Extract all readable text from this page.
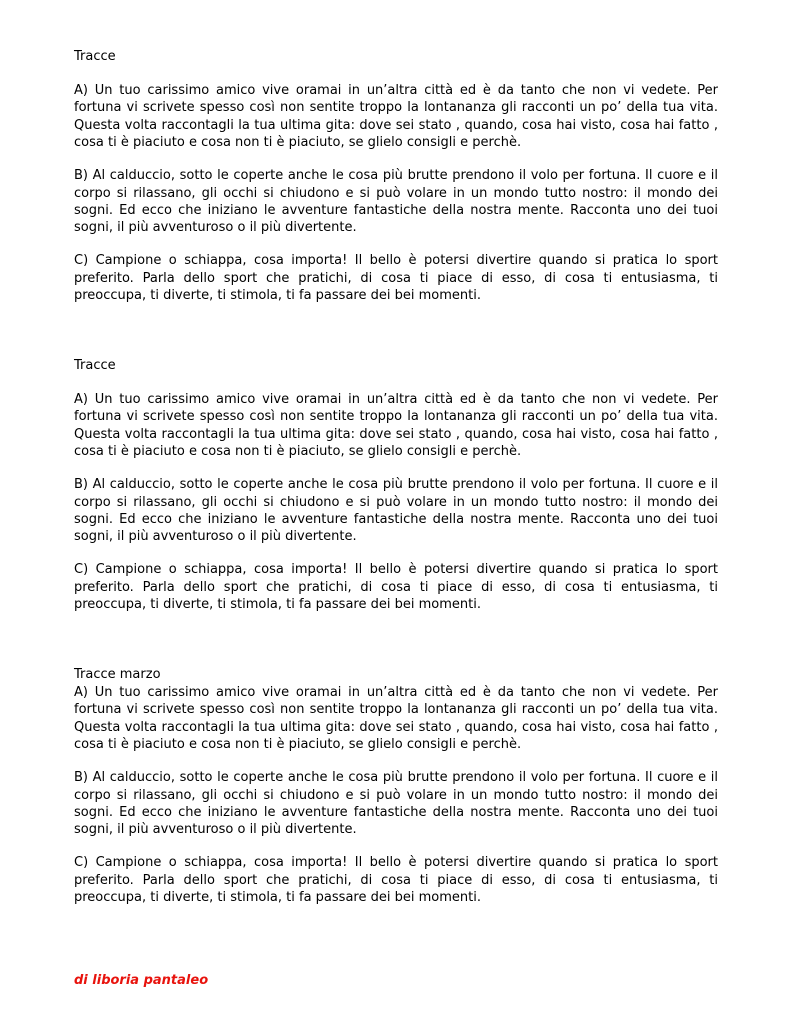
Tracce

A) Un tuo carissimo amico vive oramai in un’altra città ed è da tanto che non vi vedete. Per fortuna vi scrivete spesso così non sentite troppo la lontananza gli racconti un po’ della tua vita. Questa volta raccontagli la tua ultima gita: dove sei stato , quando, cosa hai visto, cosa hai fatto , cosa ti è piaciuto e cosa non ti è piaciuto, se glielo consigli e perchè.

B) Al calduccio, sotto le coperte anche le cosa più brutte prendono il volo per fortuna. Il cuore e il corpo si rilassano, gli occhi si chiudono e si può volare in un mondo tutto nostro: il mondo dei sogni. Ed ecco che iniziano le avventure fantastiche della nostra mente. Racconta uno dei tuoi sogni, il più avventuroso o il più divertente.

C) Campione o schiappa, cosa importa! Il bello è potersi divertire quando si pratica lo sport preferito. Parla dello sport che pratichi, di cosa ti piace di esso, di cosa ti entusiasma, ti preoccupa, ti diverte, ti stimola, ti fa passare dei bei momenti.

Tracce

A) Un tuo carissimo amico vive oramai in un’altra città ed è da tanto che non vi vedete. Per fortuna vi scrivete spesso così non sentite troppo la lontananza gli racconti un po’ della tua vita. Questa volta raccontagli la tua ultima gita: dove sei stato , quando, cosa hai visto, cosa hai fatto , cosa ti è piaciuto e cosa non ti è piaciuto, se glielo consigli e perchè.

B) Al calduccio, sotto le coperte anche le cosa più brutte prendono il volo per fortuna. Il cuore e il corpo si rilassano, gli occhi si chiudono e si può volare in un mondo tutto nostro: il mondo dei sogni. Ed ecco che iniziano le avventure fantastiche della nostra mente. Racconta uno dei tuoi sogni, il più avventuroso o il più divertente.

C) Campione o schiappa, cosa importa! Il bello è potersi divertire quando si pratica lo sport preferito. Parla dello sport che pratichi, di cosa ti piace di esso, di cosa ti entusiasma, ti preoccupa, ti diverte, ti stimola, ti fa passare dei bei momenti.

Tracce marzo

A) Un tuo carissimo amico vive oramai in un’altra città ed è da tanto che non vi vedete. Per fortuna vi scrivete spesso così non sentite troppo la lontananza gli racconti un po’ della tua vita. Questa volta raccontagli la tua ultima gita: dove sei stato , quando, cosa hai visto, cosa hai fatto , cosa ti è piaciuto e cosa non ti è piaciuto, se glielo consigli e perchè.

B) Al calduccio, sotto le coperte anche le cosa più brutte prendono il volo per fortuna. Il cuore e il corpo si rilassano, gli occhi si chiudono e si può volare in un mondo tutto nostro: il mondo dei sogni. Ed ecco che iniziano le avventure fantastiche della nostra mente. Racconta uno dei tuoi sogni, il più avventuroso o il più divertente.

C) Campione o schiappa, cosa importa! Il bello è potersi divertire quando si pratica lo sport preferito. Parla dello sport che pratichi, di cosa ti piace di esso, di cosa ti entusiasma, ti preoccupa, ti diverte, ti stimola, ti fa passare dei bei momenti.

di liboria pantaleo
